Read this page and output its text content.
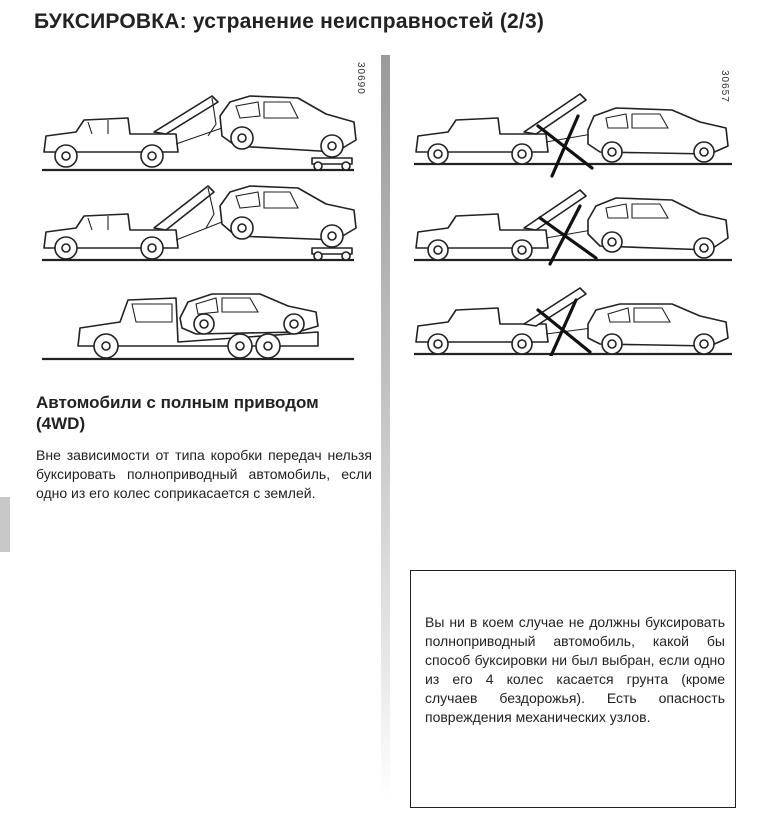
БУКСИРОВКА: устранение неисправностей (2/3)
30690	30657
Автомобили с полным приводом (4WD)
Вне зависимости от типа коробки передач нельзя буксировать полноприводный автомобиль, если одно из его колес соприкасается с землей.
Вы ни в коем случае не должны буксировать полноприводный автомобиль, какой бы способ буксировки ни был выбран, если одно из его 4 колес касается грунта (кроме случаев бездорожья). Есть опасность повреждения механических узлов.
